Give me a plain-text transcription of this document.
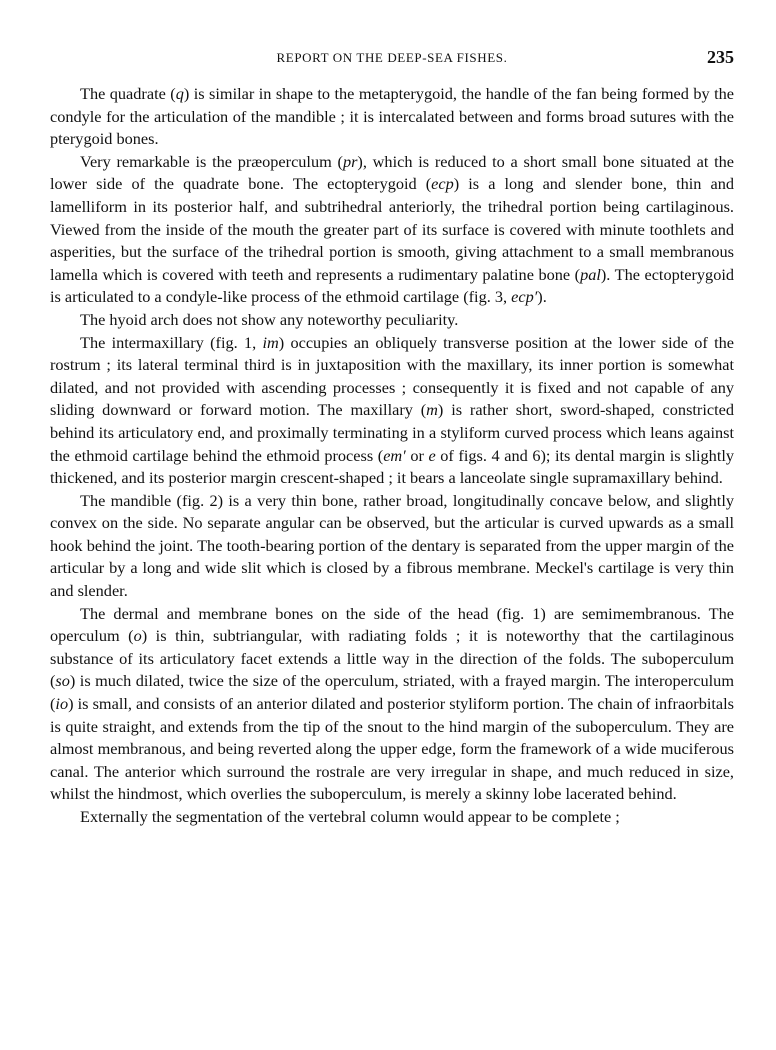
REPORT ON THE DEEP-SEA FISHES.	235

The quadrate (q) is similar in shape to the metapterygoid, the handle of the fan being formed by the condyle for the articulation of the mandible ; it is intercalated between and forms broad sutures with the pterygoid bones.

Very remarkable is the præoperculum (pr), which is reduced to a short small bone situated at the lower side of the quadrate bone. The ectopterygoid (ecp) is a long and slender bone, thin and lamelliform in its posterior half, and subtrihedral anteriorly, the trihedral portion being cartilaginous. Viewed from the inside of the mouth the greater part of its surface is covered with minute toothlets and asperities, but the surface of the trihedral portion is smooth, giving attachment to a small membranous lamella which is covered with teeth and represents a rudimentary palatine bone (pal). The ectopterygoid is articulated to a condyle-like process of the ethmoid cartilage (fig. 3, ecp′).

The hyoid arch does not show any noteworthy peculiarity.

The intermaxillary (fig. 1, im) occupies an obliquely transverse position at the lower side of the rostrum ; its lateral terminal third is in juxtaposition with the maxillary, its inner portion is somewhat dilated, and not provided with ascending processes ; consequently it is fixed and not capable of any sliding downward or forward motion. The maxillary (m) is rather short, sword-shaped, constricted behind its articulatory end, and proximally terminating in a styliform curved process which leans against the ethmoid cartilage behind the ethmoid process (em′ or e of figs. 4 and 6); its dental margin is slightly thickened, and its posterior margin crescent-shaped ; it bears a lanceolate single supramaxillary behind.

The mandible (fig. 2) is a very thin bone, rather broad, longitudinally concave below, and slightly convex on the side. No separate angular can be observed, but the articular is curved upwards as a small hook behind the joint. The tooth-bearing portion of the dentary is separated from the upper margin of the articular by a long and wide slit which is closed by a fibrous membrane. Meckel's cartilage is very thin and slender.

The dermal and membrane bones on the side of the head (fig. 1) are semimembranous. The operculum (o) is thin, subtriangular, with radiating folds ; it is noteworthy that the cartilaginous substance of its articulatory facet extends a little way in the direction of the folds. The suboperculum (so) is much dilated, twice the size of the operculum, striated, with a frayed margin. The interoperculum (io) is small, and consists of an anterior dilated and posterior styliform portion. The chain of infraorbitals is quite straight, and extends from the tip of the snout to the hind margin of the suboperculum. They are almost membranous, and being reverted along the upper edge, form the framework of a wide muciferous canal. The anterior which surround the rostrale are very irregular in shape, and much reduced in size, whilst the hindmost, which overlies the suboperculum, is merely a skinny lobe lacerated behind.

Externally the segmentation of the vertebral column would appear to be complete ;
